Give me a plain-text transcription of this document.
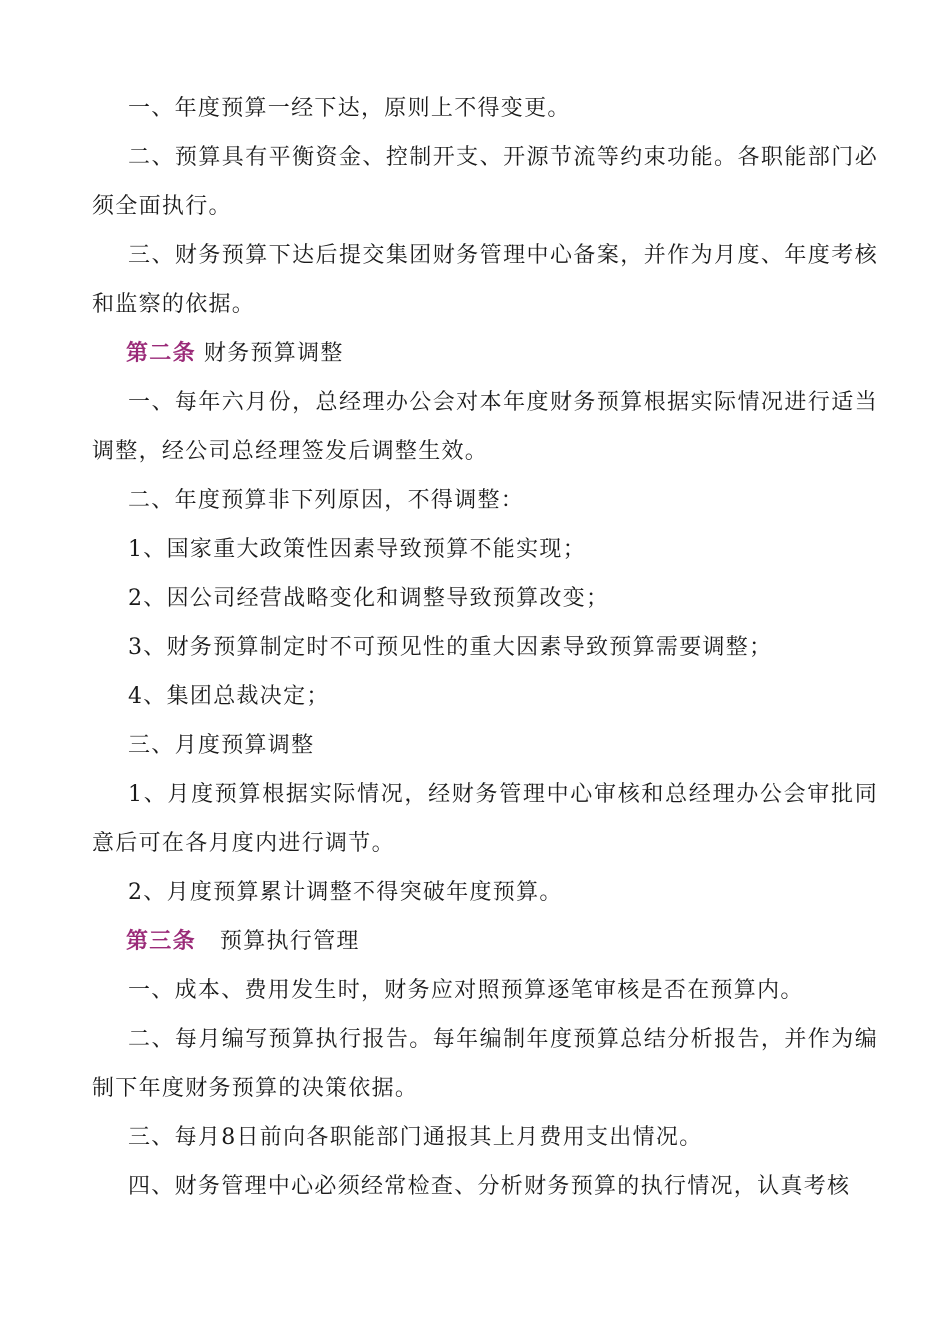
一、年度预算一经下达，原则上不得变更。

二、预算具有平衡资金、控制开支、开源节流等约束功能。各职能部门必须全面执行。

三、财务预算下达后提交集团财务管理中心备案，并作为月度、年度考核和监察的依据。

第二条 财务预算调整

一、每年六月份，总经理办公会对本年度财务预算根据实际情况进行适当调整，经公司总经理签发后调整生效。

二、年度预算非下列原因，不得调整：

1、国家重大政策性因素导致预算不能实现；

2、因公司经营战略变化和调整导致预算改变；

3、财务预算制定时不可预见性的重大因素导致预算需要调整；

4、集团总裁决定；

三、月度预算调整

1、月度预算根据实际情况，经财务管理中心审核和总经理办公会审批同意后可在各月度内进行调节。

2、月度预算累计调整不得突破年度预算。

第三条 预算执行管理

一、成本、费用发生时，财务应对照预算逐笔审核是否在预算内。

二、每月编写预算执行报告。每年编制年度预算总结分析报告，并作为编制下年度财务预算的决策依据。

三、每月8日前向各职能部门通报其上月费用支出情况。

四、财务管理中心必须经常检查、分析财务预算的执行情况，认真考核
